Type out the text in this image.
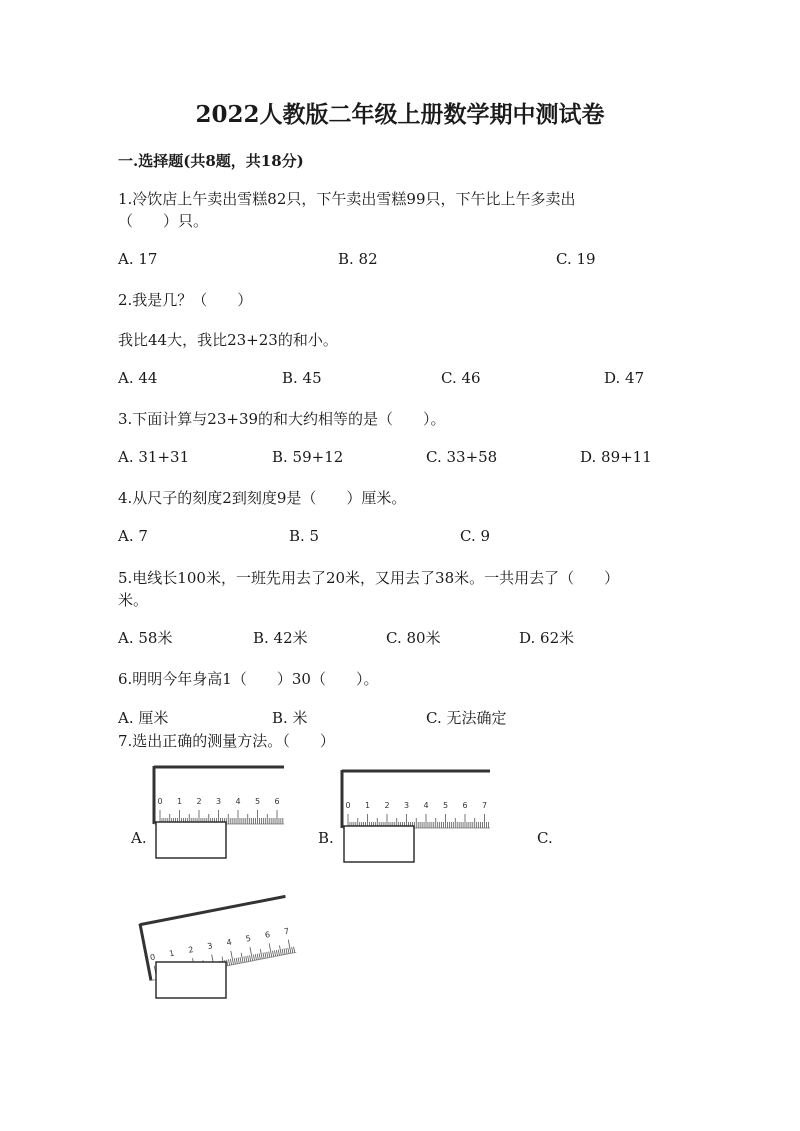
2022人教版二年级上册数学期中测试卷
一.选择题(共8题，共18分)
1.冷饮店上午卖出雪糕82只，下午卖出雪糕99只，下午比上午多卖出
（　　）只。
A. 17	B. 82	C. 19
2.我是几？（　　）
我比44大，我比23+23的和小。
A. 44	B. 45	C. 46	D. 47
3.下面计算与23+39的和大约相等的是（　　）。
A. 31+31	B. 59+12	C. 33+58	D. 89+11
4.从尺子的刻度2到刻度9是（　　）厘米。
A. 7	B. 5	C. 9
5.电线长100米，一班先用去了20米，又用去了38米。一共用去了（　　）
米。
A. 58米	B. 42米	C. 80米	D. 62米
6.明明今年身高1（　　）30（　　）。
A. 厘米	B. 米	C. 无法确定
7.选出正确的测量方法。（　　）
A.	B.	C.
0 1 2 3 4 5 6	0 1 2 3 4 5 6 7
0 1 2 3 4 5 6 7
